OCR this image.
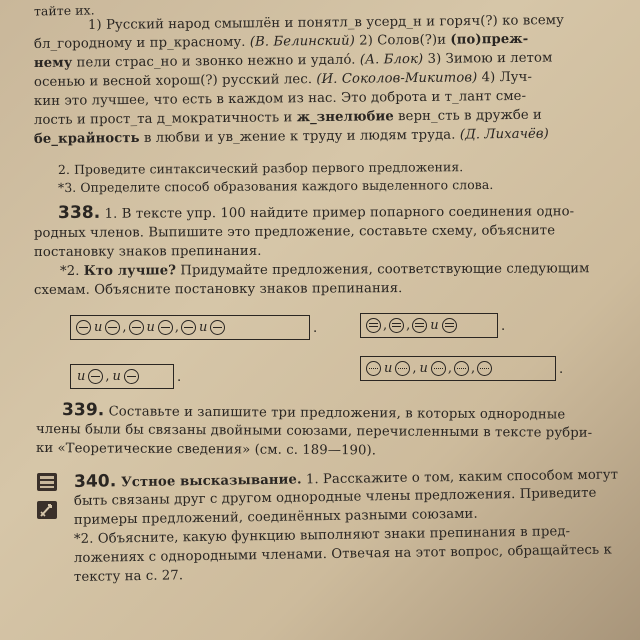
тайте их.
1) Русский народ смышлён и понятл_в усерд_н и горяч(?) ко всему
бл_городному и пр_красному. (В. Белинский) 2) Солов(?)и (по)преж-
нему пели страс_но и звонко нежно и удалó. (А. Блок) 3) Зимою и летом
осенью и весной хорош(?) русский лес. (И. Соколов-Микитов) 4) Луч-
кин это лучшее, что есть в каждом из нас. Это доброта и т_лант сме-
лость и прост_та д_мократичность и ж_знелюбие верн_сть в дружбе и
бе_крайность в любви и ув_жение к труду и людям труда. (Д. Лихачёв)
2. Проведите синтаксический разбор первого предложения.
*3. Определите способ образования каждого выделенного слова.
338. 1. В тексте упр. 100 найдите пример попарного соединения одно-
родных членов. Выпишите это предложение, составьте схему, объясните
постановку знаков препинания.
*2. Кто лучше? Придумайте предложения, соответствующие следующим
схемам. Объясните постановку знаков препинания.
и , и , и	.	, , и	.
и , и	.
и , и , ,	.
339. Составьте и запишите три предложения, в которых однородные
члены были бы связаны двойными союзами, перечисленными в тексте рубри-
ки «Теоретические сведения» (см. с. 189—190).
340. Устное высказывание. 1. Расскажите о том, каким способом могут
быть связаны друг с другом однородные члены предложения. Приведите
примеры предложений, соединённых разными союзами.
*2. Объясните, какую функцию выполняют знаки препинания в пред-
ложениях с однородными членами. Отвечая на этот вопрос, обращайтесь к
тексту на с. 27.
